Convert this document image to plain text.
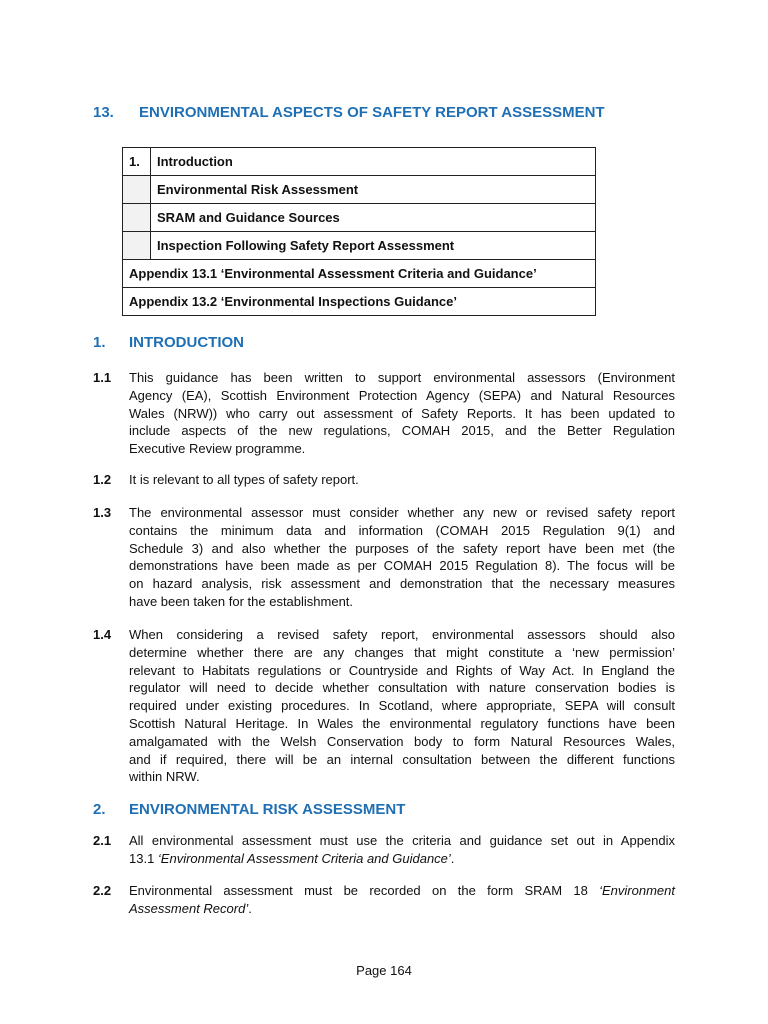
13. ENVIRONMENTAL ASPECTS OF SAFETY REPORT ASSESSMENT
1.	Introduction
	Environmental Risk Assessment
	SRAM and Guidance Sources
	Inspection Following Safety Report Assessment
Appendix 13.1 ‘Environmental Assessment Criteria and Guidance’	
Appendix 13.2 ‘Environmental Inspections Guidance’	
1. INTRODUCTION
1.1 This guidance has been written to support environmental assessors (Environment
Agency (EA), Scottish Environment Protection Agency (SEPA) and Natural Resources
Wales (NRW)) who carry out assessment of Safety Reports. It has been updated to
include aspects of the new regulations, COMAH 2015, and the Better Regulation
Executive Review programme.
1.2 It is relevant to all types of safety report.
1.3 The environmental assessor must consider whether any new or revised safety report
contains the minimum data and information (COMAH 2015 Regulation 9(1) and
Schedule 3) and also whether the purposes of the safety report have been met (the
demonstrations have been made as per COMAH 2015 Regulation 8). The focus will be
on hazard analysis, risk assessment and demonstration that the necessary measures
have been taken for the establishment.
1.4 When considering a revised safety report, environmental assessors should also
determine whether there are any changes that might constitute a ‘new permission’
relevant to Habitats regulations or Countryside and Rights of Way Act. In England the
regulator will need to decide whether consultation with nature conservation bodies is
required under existing procedures. In Scotland, where appropriate, SEPA will consult
Scottish Natural Heritage. In Wales the environmental regulatory functions have been
amalgamated with the Welsh Conservation body to form Natural Resources Wales,
and if required, there will be an internal consultation between the different functions
within NRW.
2. ENVIRONMENTAL RISK ASSESSMENT
2.1 All environmental assessment must use the criteria and guidance set out in Appendix
13.1 ‘Environmental Assessment Criteria and Guidance’.
2.2 Environmental assessment must be recorded on the form SRAM 18 ‘Environment
Assessment Record’.
Page 164
